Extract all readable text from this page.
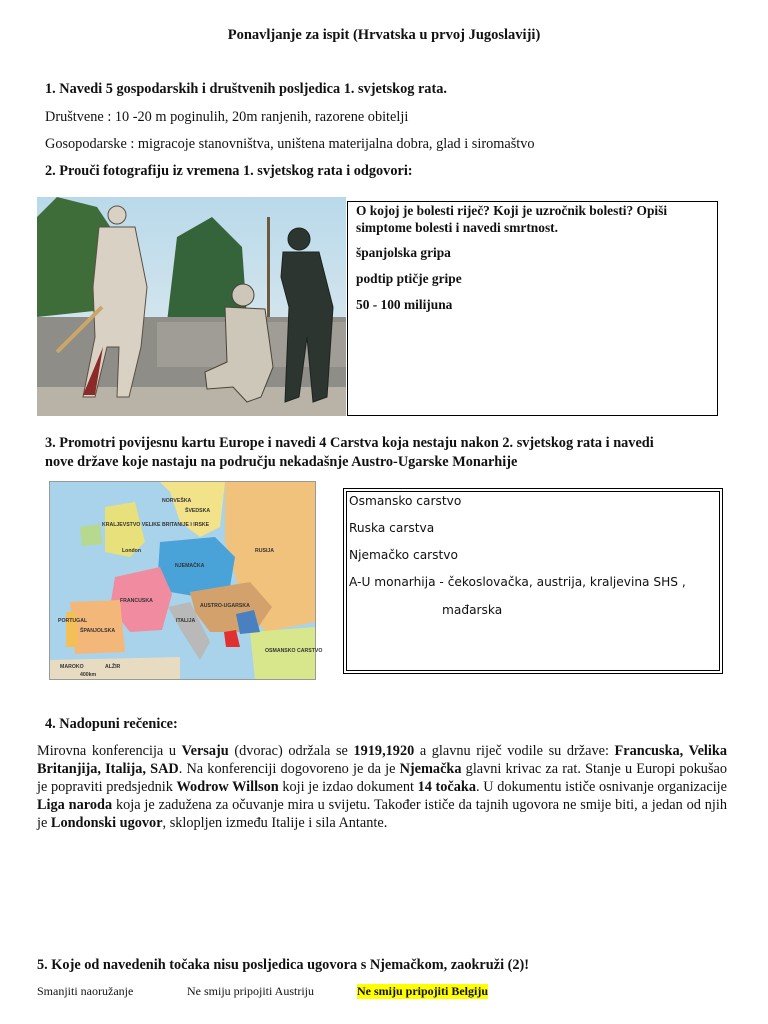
Ponavljanje za ispit (Hrvatska u prvoj Jugoslaviji)
1. Navedi 5 gospodarskih i društvenih posljedica 1. svjetskog rata.
Društvene : 10 -20 m poginulih, 20m ranjenih, razorene obitelji
Gosopodarske : migracoje stanovništva, uništena materijalna dobra, glad i siromaštvo
2. Prouči fotografiju iz vremena 1. svjetskog rata i odgovori:
O kojoj je bolesti riječ? Koji je uzročnik bolesti? Opiši simptome bolesti i navedi smrtnost.
španjolska gripa
podtip ptičje gripe
50 - 100 milijuna
3. Promotri povijesnu kartu Europe i navedi 4 Carstva koja nestaju nakon 2. svjetskog rata i navedi
nove države koje nastaju na području nekadašnje Austro-Ugarske Monarhije
KRALJEVSTVO VELIKE BRITANIJE I IRSKE
London
NJEMAČKA
RUSIJA
FRANCUSKA
ŠPANJOLSKA
PORTUGAL
AUSTRO-UGARSKA
ITALIJA
OSMANSKO CARSTVO
MAROKO	ALŽIR
ŠVEDSKA
NORVEŠKA
400km
Osmansko carstvo
Ruska carstva
Njemačko carstvo
A-U monarhija - čekoslovačka, austrija, kraljevina SHS ,
mađarska
4. Nadopuni rečenice:
Mirovna konferencija u Versaju (dvorac) održala se 1919,1920 a glavnu riječ vodile su države: Francuska, Velika Britanjija, Italija, SAD. Na konferenciji dogovoreno je da je Njemačka glavni krivac za rat. Stanje u Europi pokušao je popraviti predsjednik Wodrow Willson koji je izdao dokument 14 točaka. U dokumentu ističe osnivanje organizacije Liga naroda koja je zadužena za očuvanje mira u svijetu. Također ističe da tajnih ugovora ne smije biti, a jedan od njih je Londonski ugovor, sklopljen između Italije i sila Antante.
5. Koje od navedenih točaka nisu posljedica ugovora s Njemačkom, zaokruži (2)!
Smanjiti naoružanje	Ne smiju pripojiti Austriju	Ne smiju pripojiti Belgiju
